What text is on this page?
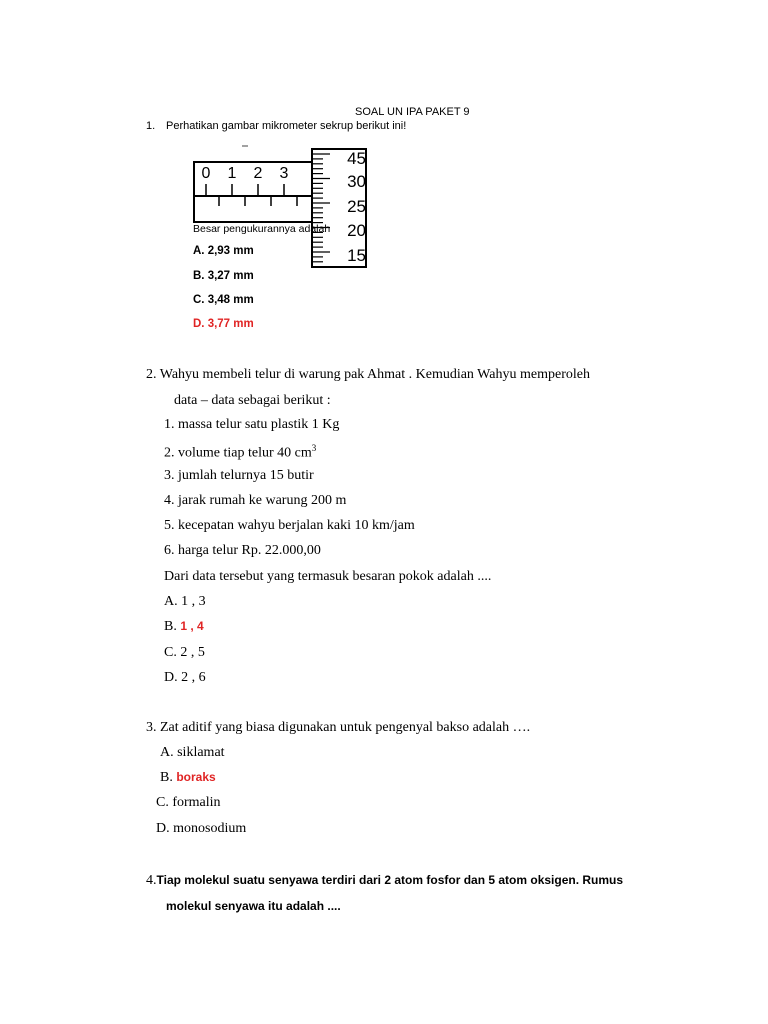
SOAL UN IPA PAKET 9
1. Perhatikan gambar mikrometer sekrup berikut ini!
0 1 2 3
45
30
25
20
15
Besar pengukurannya adalah
A. 2,93 mm
B. 3,27 mm
C. 3,48 mm
D. 3,77 mm
2. Wahyu membeli telur di warung pak Ahmat . Kemudian Wahyu memperoleh
data – data sebagai berikut :
1. massa telur satu plastik 1 Kg
2. volume tiap telur 40 $cm^3$
3. jumlah telurnya 15 butir
4. jarak rumah ke warung 200 m
5. kecepatan wahyu berjalan kaki 10 km/jam
6. harga telur Rp. 22.000,00
Dari data tersebut yang termasuk besaran pokok adalah ....
A. 1 , 3
B. 1 , 4
C. 2 , 5
D. 2 , 6
3. Zat aditif yang biasa digunakan untuk pengenyal bakso adalah ….
A. siklamat
B. boraks
C. formalin
D. monosodium
4.Tiap molekul suatu senyawa terdiri dari 2 atom fosfor dan 5 atom oksigen. Rumus
molekul senyawa itu adalah ....
